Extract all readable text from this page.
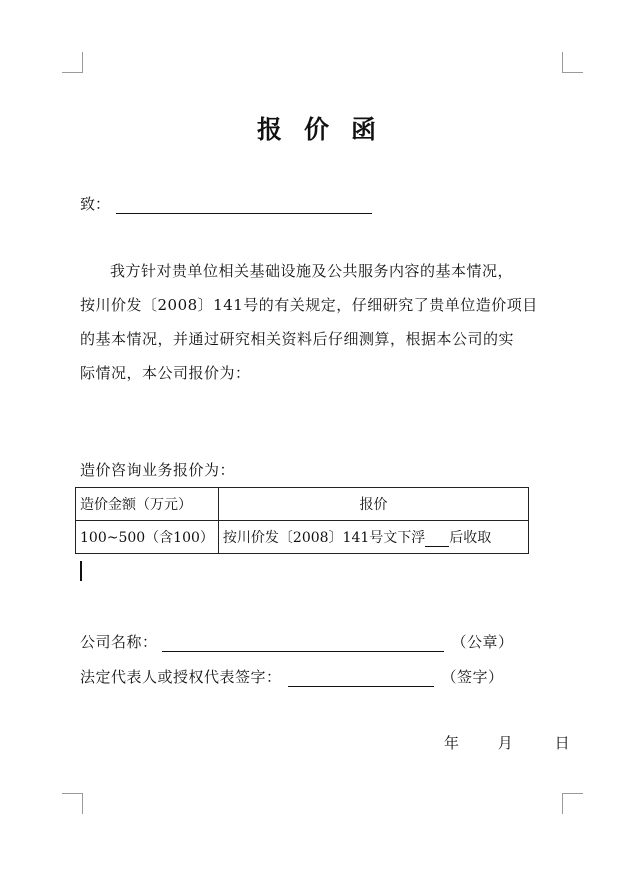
报价函
致：
我方针对贵单位相关基础设施及公共服务内容的基本情况，
按川价发〔2008〕141号的有关规定，仔细研究了贵单位造价项目
的基本情况，并通过研究相关资料后仔细测算，根据本公司的实
际情况，本公司报价为：
造价咨询业务报价为：
造价金额（万元）	报价
100~500（含100）	按川价发〔2008〕141号文下浮 后收取
公司名称：	（公章）
法定代表人或授权代表签字：	（签字）
年	月	日
